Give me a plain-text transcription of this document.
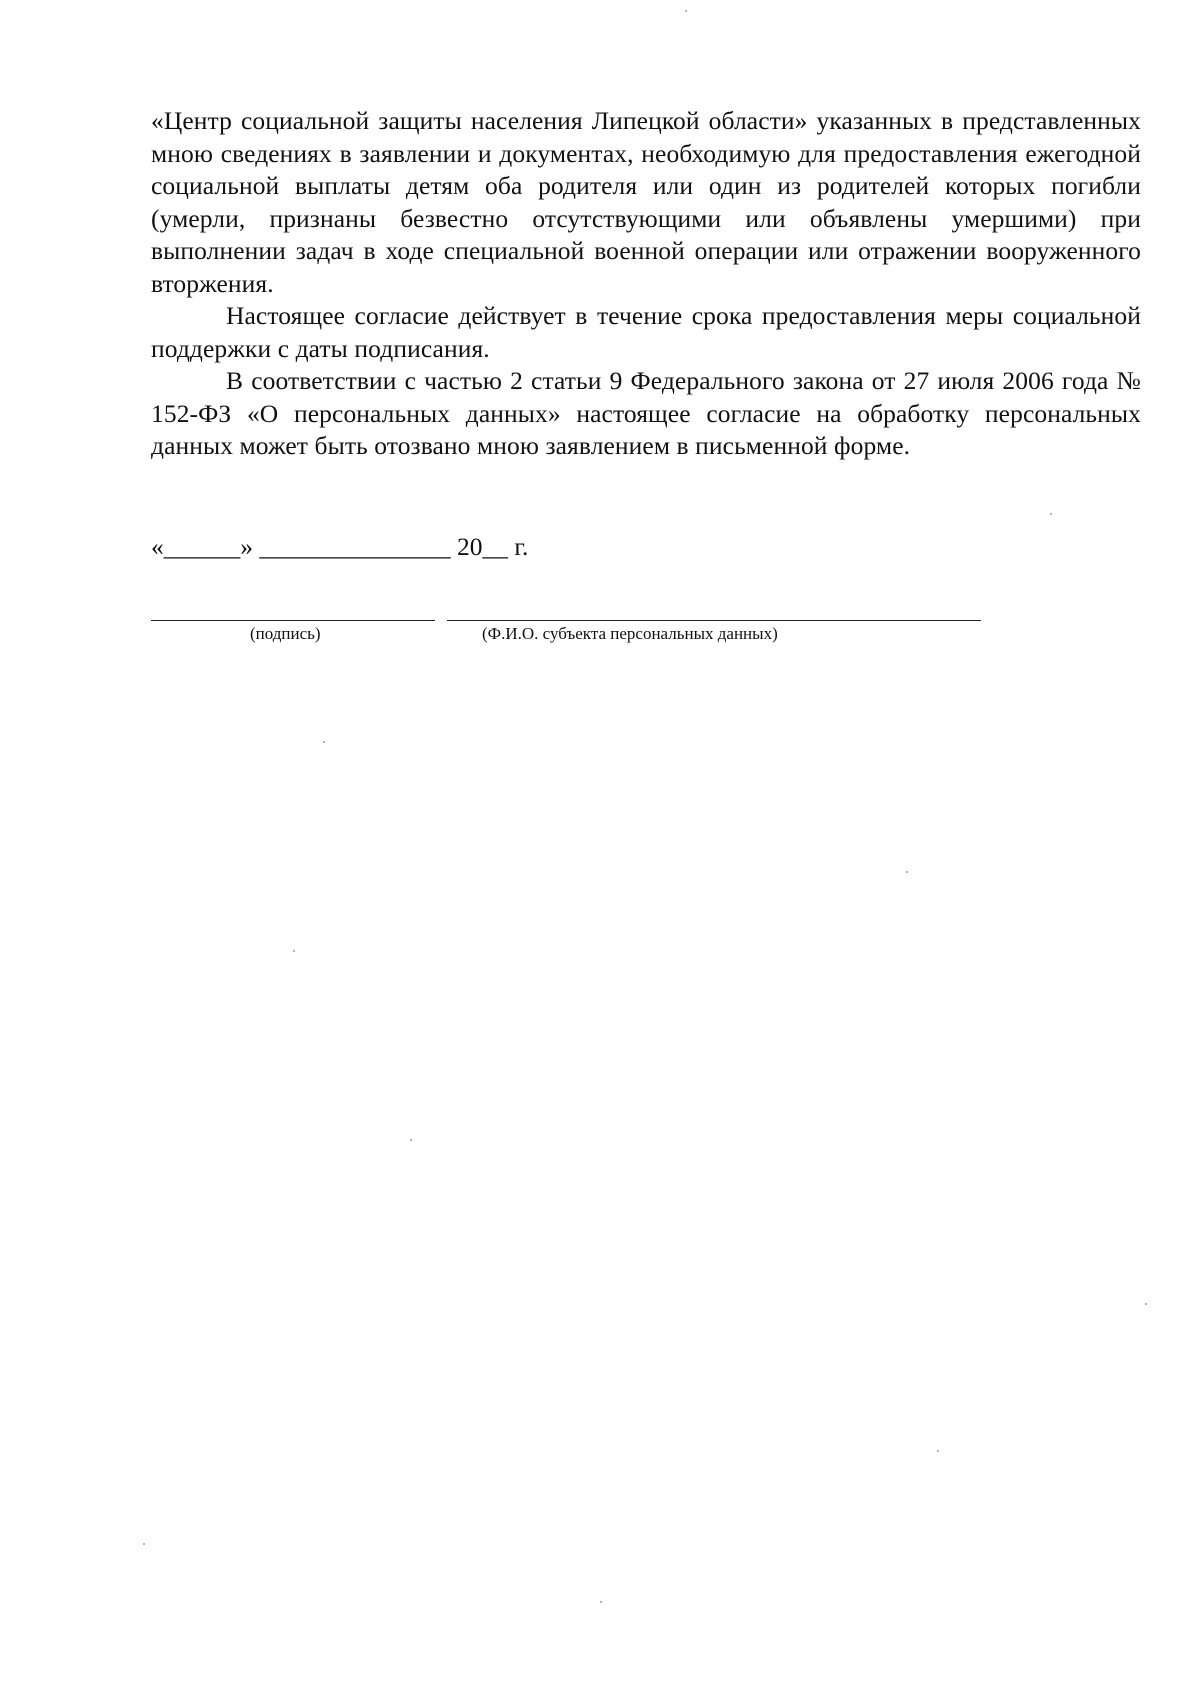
«Центр социальной защиты населения Липецкой области» указанных в представленных мною сведениях в заявлении и документах, необходимую для предоставления ежегодной социальной выплаты детям оба родителя или один из родителей которых погибли (умерли, признаны безвестно отсутствующими или объявлены умершими) при выполнении задач в ходе специальной военной операции или отражении вооруженного вторжения.

Настоящее согласие действует в течение срока предоставления меры социальной поддержки с даты подписания.

В соответствии с частью 2 статьи 9 Федерального закона от 27 июля 2006 года № 152-ФЗ «О персональных данных» настоящее согласие на обработку персональных данных может быть отозвано мною заявлением в письменной форме.

«______» _______________ 20__ г.
(подпись)	(Ф.И.О. субъекта персональных данных)
